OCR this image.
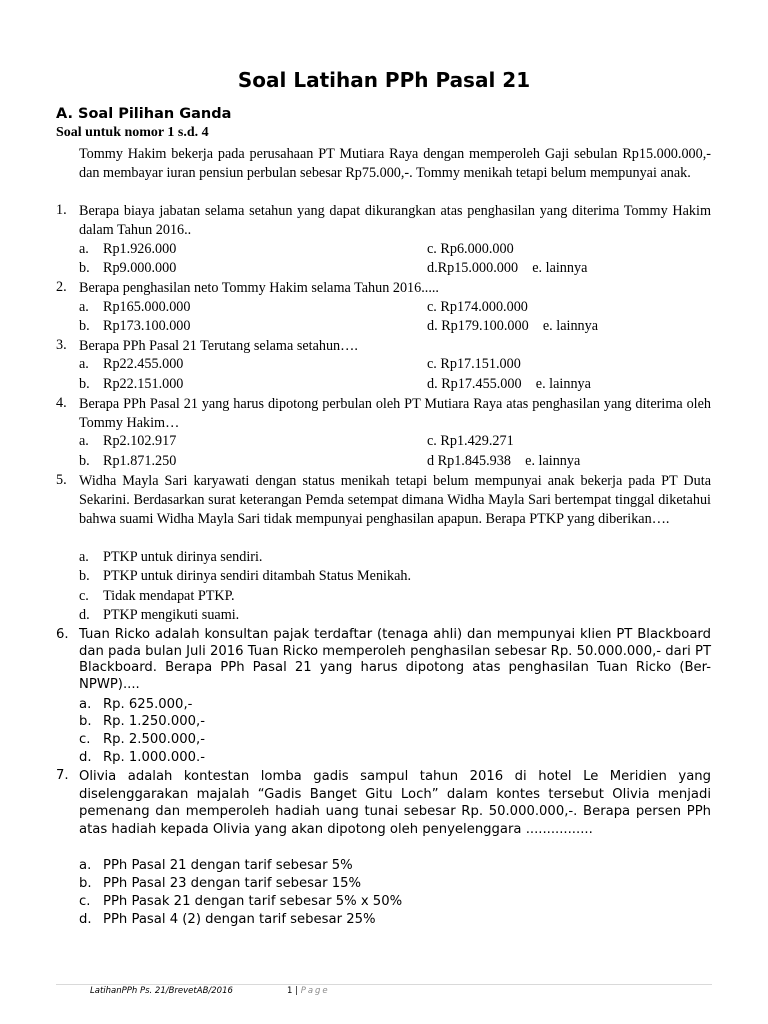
Soal Latihan PPh Pasal 21
A. Soal Pilihan Ganda
Soal untuk nomor 1 s.d. 4
Tommy Hakim bekerja pada perusahaan PT Mutiara Raya dengan memperoleh Gaji sebulan Rp15.000.000,- dan membayar iuran pensiun perbulan sebesar Rp75.000,-. Tommy menikah tetapi belum mempunyai anak.
1. Berapa biaya jabatan selama setahun yang dapat dikurangkan atas penghasilan yang diterima Tommy Hakim dalam Tahun 2016..
a. Rp1.926.000	c. Rp6.000.000
b. Rp9.000.000	d.Rp15.000.000 e. lainnya
2. Berapa penghasilan neto Tommy Hakim selama Tahun 2016.....
a. Rp165.000.000	c. Rp174.000.000
b. Rp173.100.000	d. Rp179.100.000 e. lainnya
3. Berapa PPh Pasal 21 Terutang selama setahun….
a. Rp22.455.000	c. Rp17.151.000
b. Rp22.151.000	d. Rp17.455.000 e. lainnya
4. Berapa PPh Pasal 21 yang harus dipotong perbulan oleh PT Mutiara Raya atas penghasilan yang diterima oleh Tommy Hakim…
a. Rp2.102.917	c. Rp1.429.271
b. Rp1.871.250	d Rp1.845.938 e. lainnya
5. Widha Mayla Sari karyawati dengan status menikah tetapi belum mempunyai anak bekerja pada PT Duta Sekarini. Berdasarkan surat keterangan Pemda setempat dimana Widha Mayla Sari bertempat tinggal diketahui bahwa suami Widha Mayla Sari tidak mempunyai penghasilan apapun. Berapa PTKP yang diberikan….
a. PTKP untuk dirinya sendiri.
b. PTKP untuk dirinya sendiri ditambah Status Menikah.
c. Tidak mendapat PTKP.
d. PTKP mengikuti suami.
6. Tuan Ricko adalah konsultan pajak terdaftar (tenaga ahli) dan mempunyai klien PT Blackboard dan pada bulan Juli 2016 Tuan Ricko memperoleh penghasilan sebesar Rp. 50.000.000,- dari PT Blackboard. Berapa PPh Pasal 21 yang harus dipotong atas penghasilan Tuan Ricko (Ber-NPWP)....
a. Rp. 625.000,-
b. Rp. 1.250.000,-
c. Rp. 2.500.000,-
d. Rp. 1.000.000.-
7. Olivia adalah kontestan lomba gadis sampul tahun 2016 di hotel Le Meridien yang diselenggarakan majalah “Gadis Banget Gitu Loch” dalam kontes tersebut Olivia menjadi pemenang dan memperoleh hadiah uang tunai sebesar Rp. 50.000.000,-. Berapa persen PPh atas hadiah kepada Olivia yang akan dipotong oleh penyelenggara ................
a. PPh Pasal 21 dengan tarif sebesar 5%
b. PPh Pasal 23 dengan tarif sebesar 15%
c. PPh Pasak 21 dengan tarif sebesar 5% x 50%
d. PPh Pasal 4 (2) dengan tarif sebesar 25%
LatihanPPh Ps. 21/BrevetAB/2016	1 | Page
